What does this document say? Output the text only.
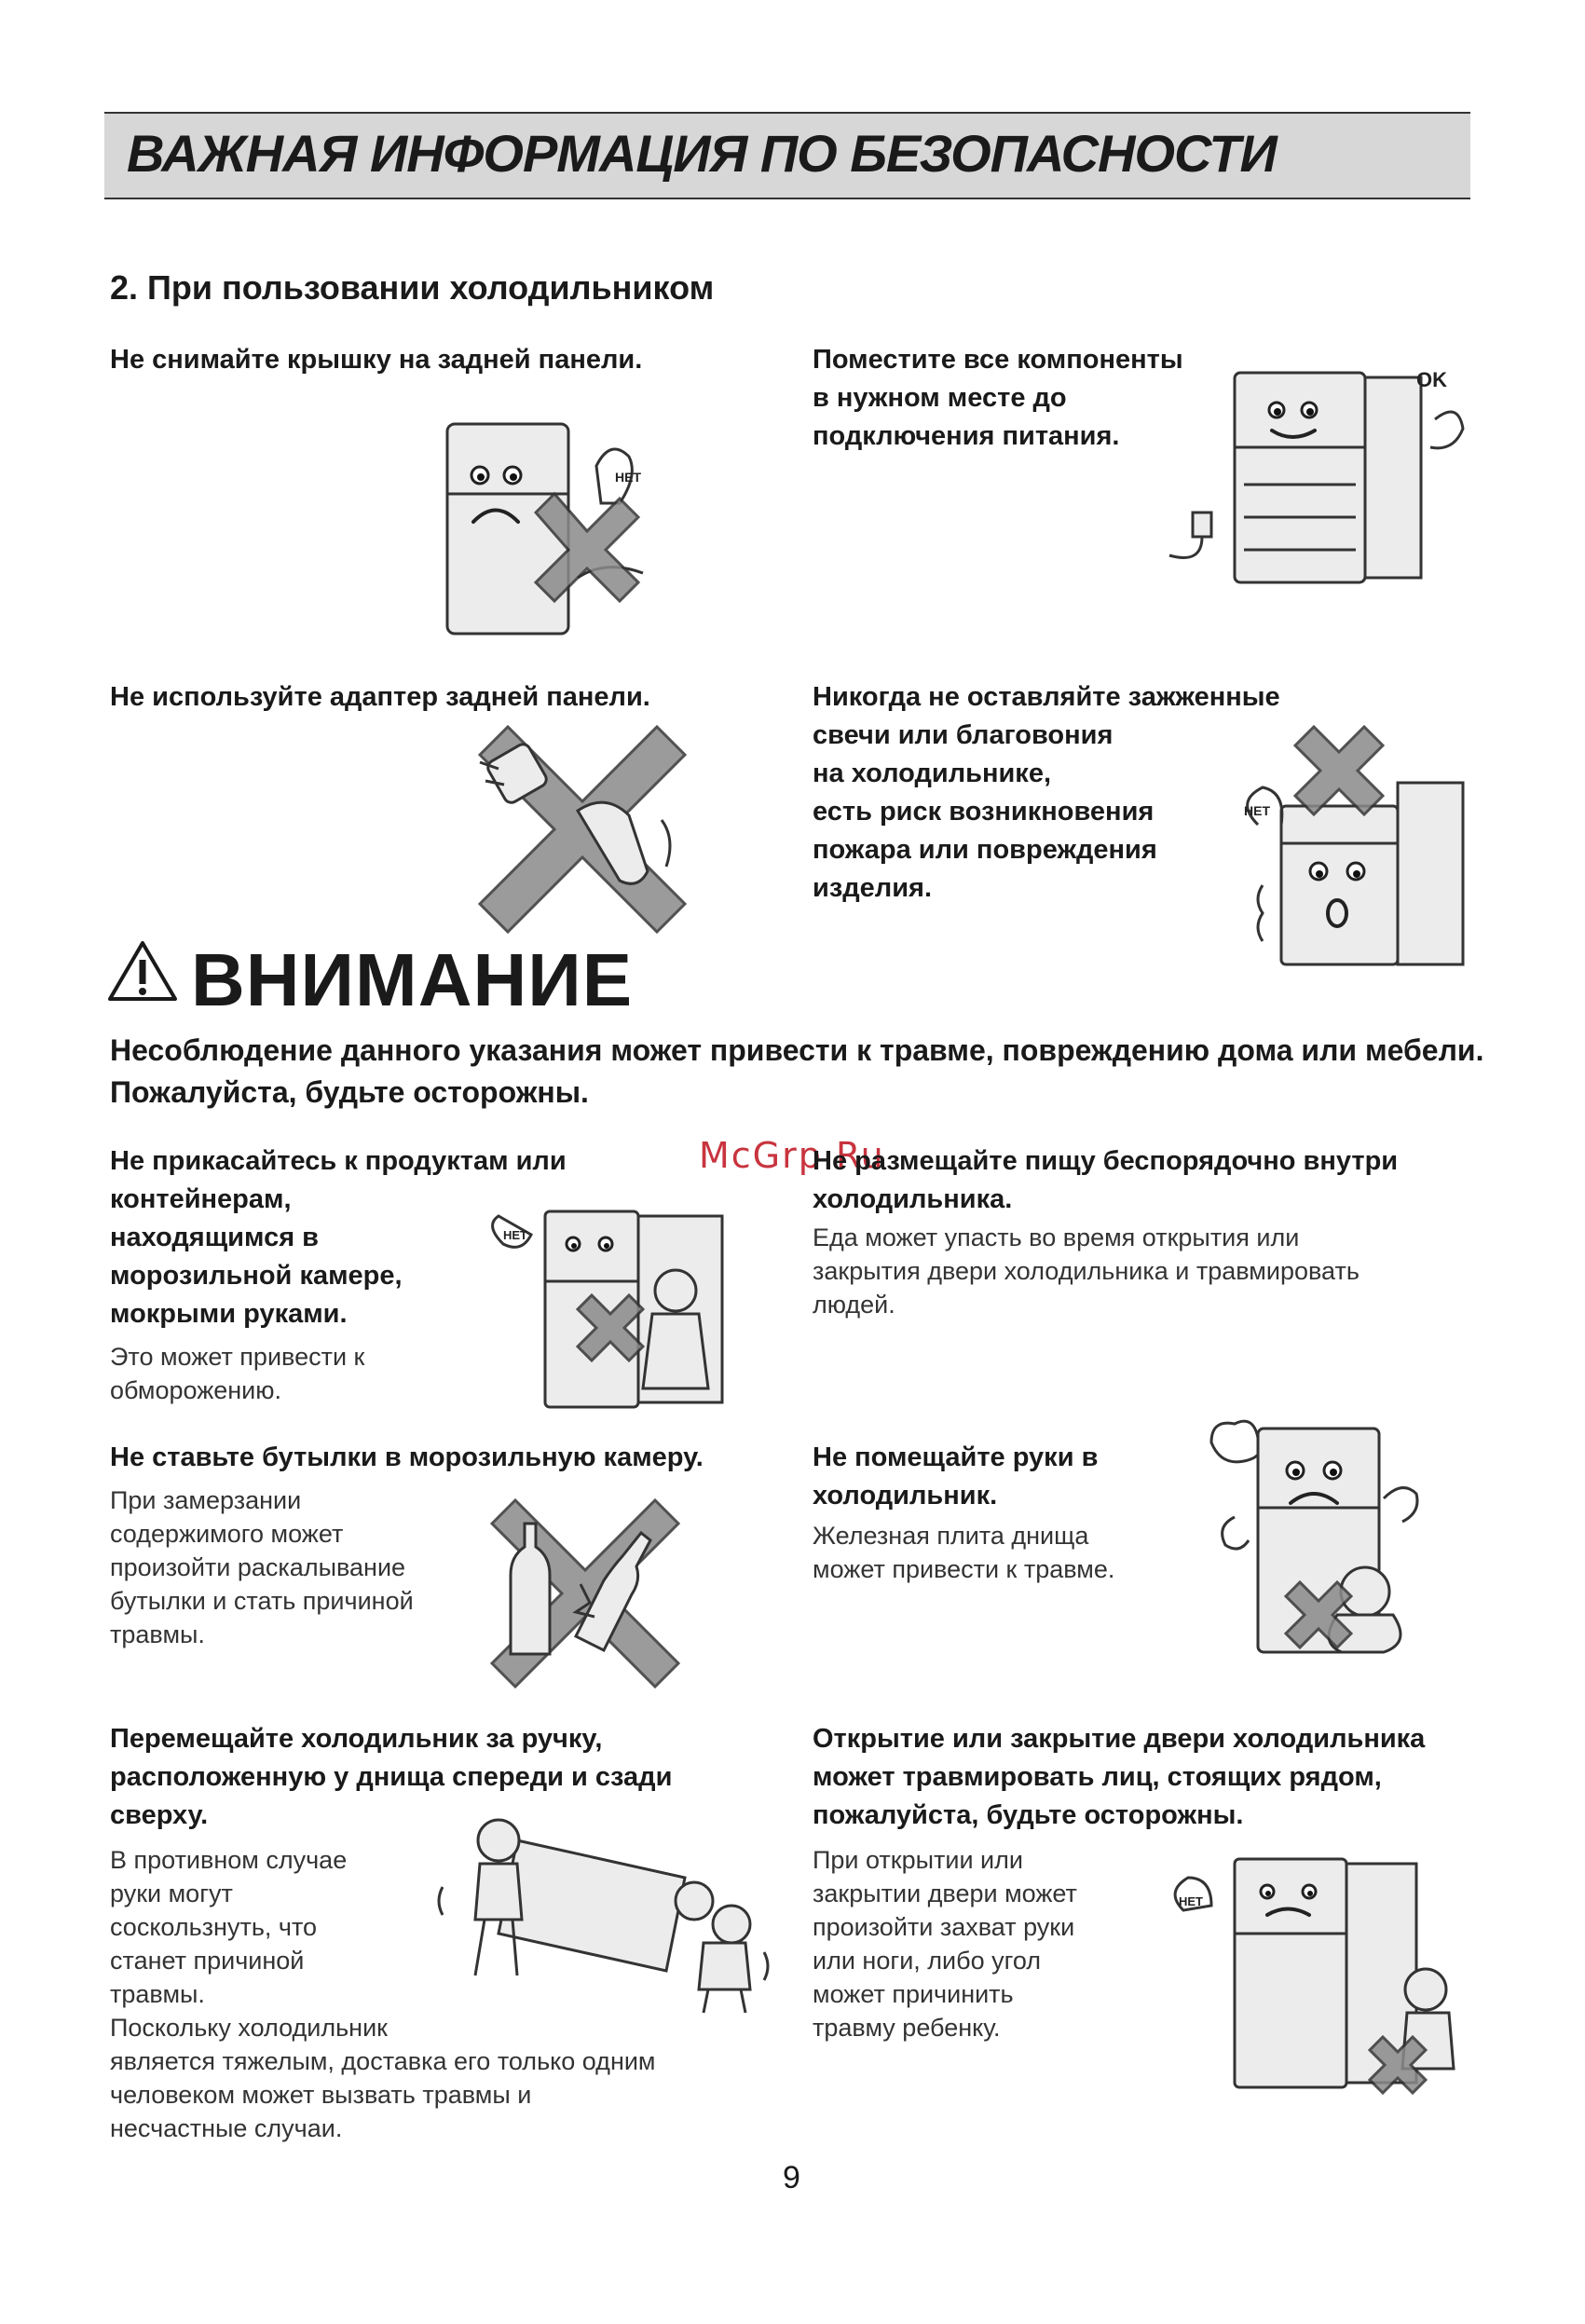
ВАЖНАЯ ИНФОРМАЦИЯ ПО БЕЗОПАСНОСТИ
2. При пользовании холодильником
Не снимайте крышку на задней панели.
НЕТ
Поместите все компоненты
в нужном месте до
подключения питания.
OK
Не используйте адаптер задней панели.	Никогда не оставляйте зажженные
свечи или благовония
на холодильнике,
есть риск возникновения
пожара или повреждения
изделия.
НЕТ
ВНИМАНИЕ
Несоблюдение данного указания может привести к травме, повреждению дома или мебели. Пожалуйста, будьте осторожны.
Не прикасайтесь к продуктам или
контейнерам,
находящимся в
морозильной камере,
мокрыми руками.
Это может привести к
обморожению.
НЕТ
McGrp.Ru
Не размещайте пищу беспорядочно внутри
холодильника.
Еда может упасть во время открытия или
закрытия двери холодильника и травмировать
людей.
Не ставьте бутылки в морозильную камеру.
При замерзании
содержимого может
произойти раскалывание
бутылки и стать причиной
травмы.
Не помещайте руки в
холодильник.
Железная плита днища
может привести к травме.
Перемещайте холодильник за ручку,
расположенную у днища спереди и сзади
сверху.
В противном случае
руки могут
соскользнуть, что
станет причиной
травмы.
Поскольку холодильник
является тяжелым, доставка его только одним
человеком может вызвать травмы и
несчастные случаи.
Открытие или закрытие двери холодильника
может травмировать лиц, стоящих рядом,
пожалуйста, будьте осторожны.
При открытии или
закрытии двери может
произойти захват руки
или ноги, либо угол
может причинить
травму ребенку.
НЕТ
9
